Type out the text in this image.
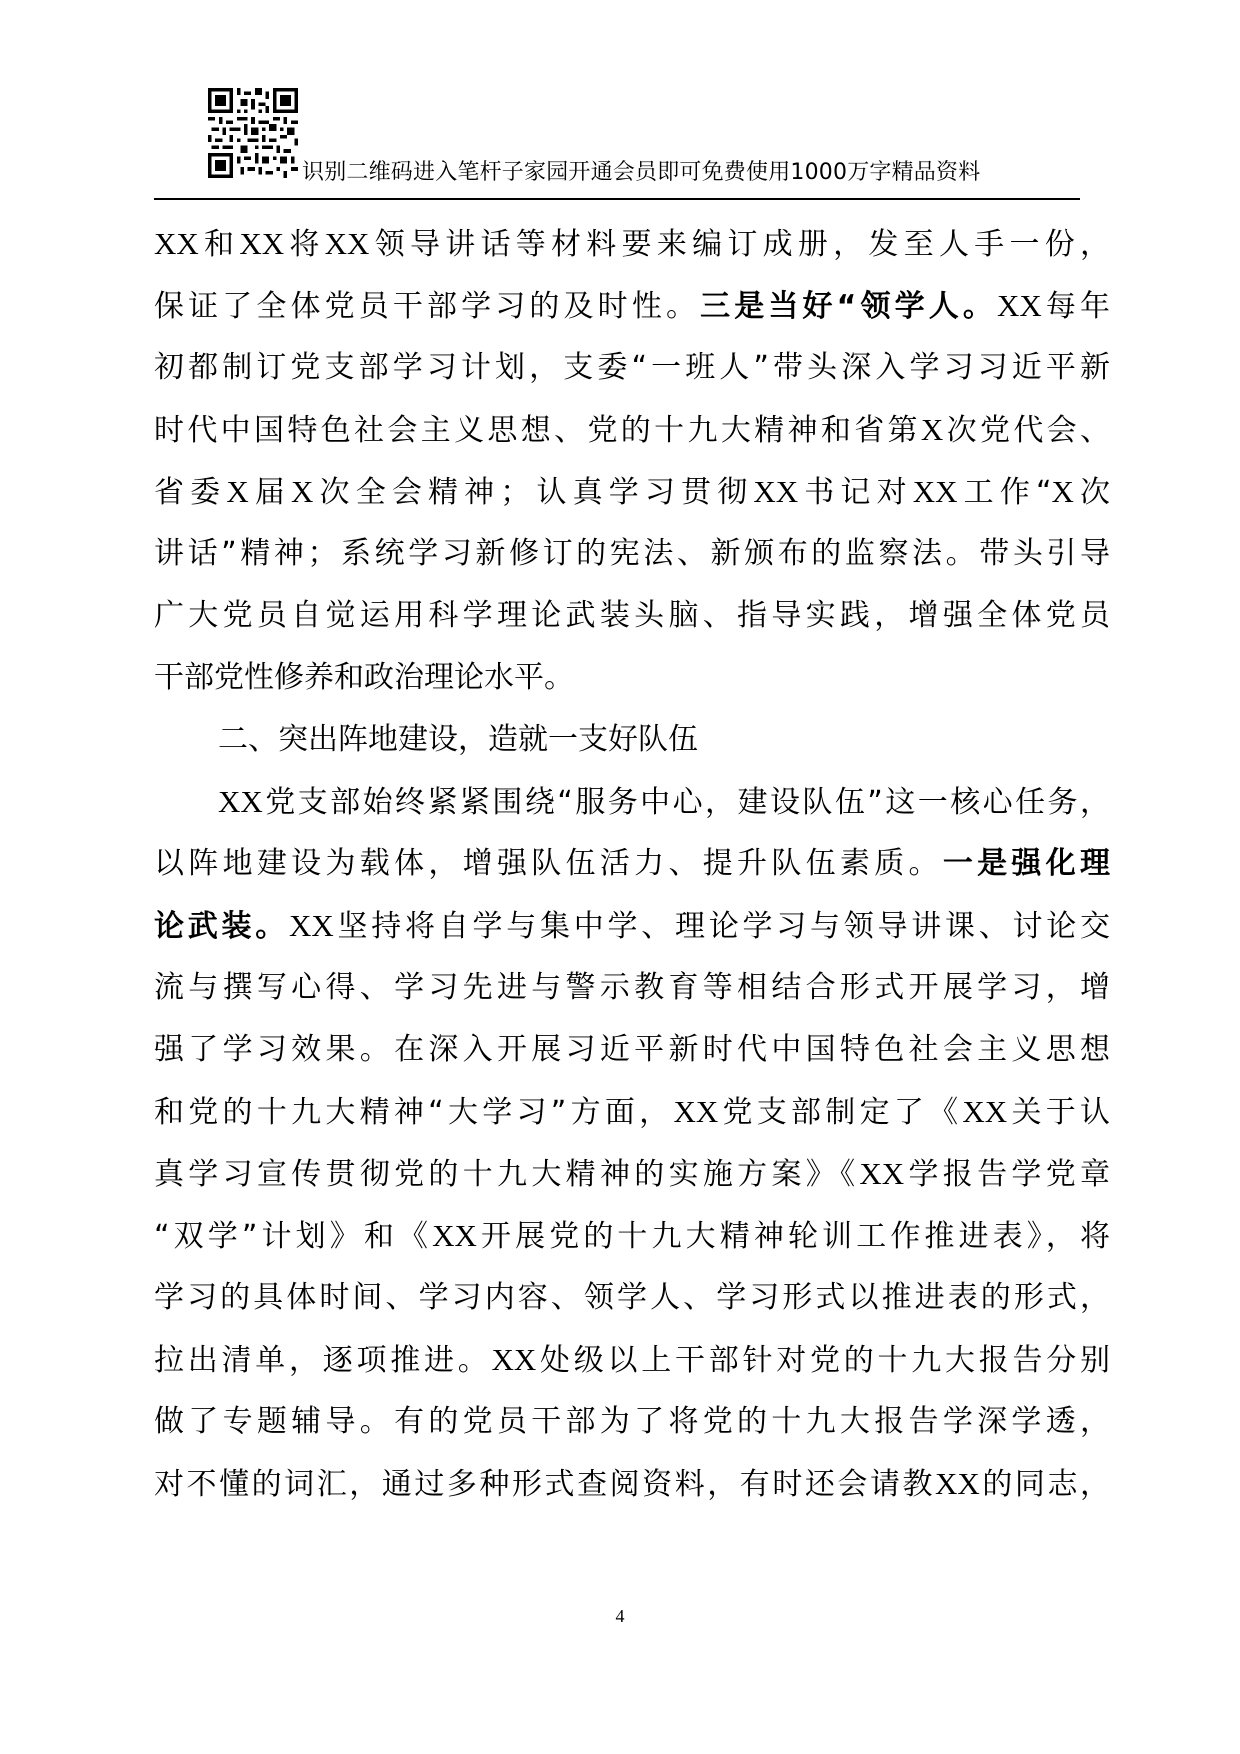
识别二维码进入笔杆子家园开通会员即可免费使用1000万字精品资料
XX和XX将XX领导讲话等材料要来编订成册，发至人手一份，
保证了全体党员干部学习的及时性。三是当好“领学人。XX每年
初都制订党支部学习计划，支委“一班人”带头深入学习习近平新
时代中国特色社会主义思想、党的十九大精神和省第X次党代会、
省委X届X次全会精神；认真学习贯彻XX书记对XX工作“X次
讲话”精神；系统学习新修订的宪法、新颁布的监察法。带头引导
广大党员自觉运用科学理论武装头脑、指导实践，增强全体党员
干部党性修养和政治理论水平。
二、突出阵地建设，造就一支好队伍
XX党支部始终紧紧围绕“服务中心，建设队伍”这一核心任务，
以阵地建设为载体，增强队伍活力、提升队伍素质。一是强化理
论武装。XX坚持将自学与集中学、理论学习与领导讲课、讨论交
流与撰写心得、学习先进与警示教育等相结合形式开展学习，增
强了学习效果。在深入开展习近平新时代中国特色社会主义思想
和党的十九大精神“大学习”方面，XX党支部制定了《XX关于认
真学习宣传贯彻党的十九大精神的实施方案》《XX学报告学党章
“双学”计划》和《XX开展党的十九大精神轮训工作推进表》，将
学习的具体时间、学习内容、领学人、学习形式以推进表的形式，
拉出清单，逐项推进。XX处级以上干部针对党的十九大报告分别
做了专题辅导。有的党员干部为了将党的十九大报告学深学透，
对不懂的词汇，通过多种形式查阅资料，有时还会请教XX的同志，
4
